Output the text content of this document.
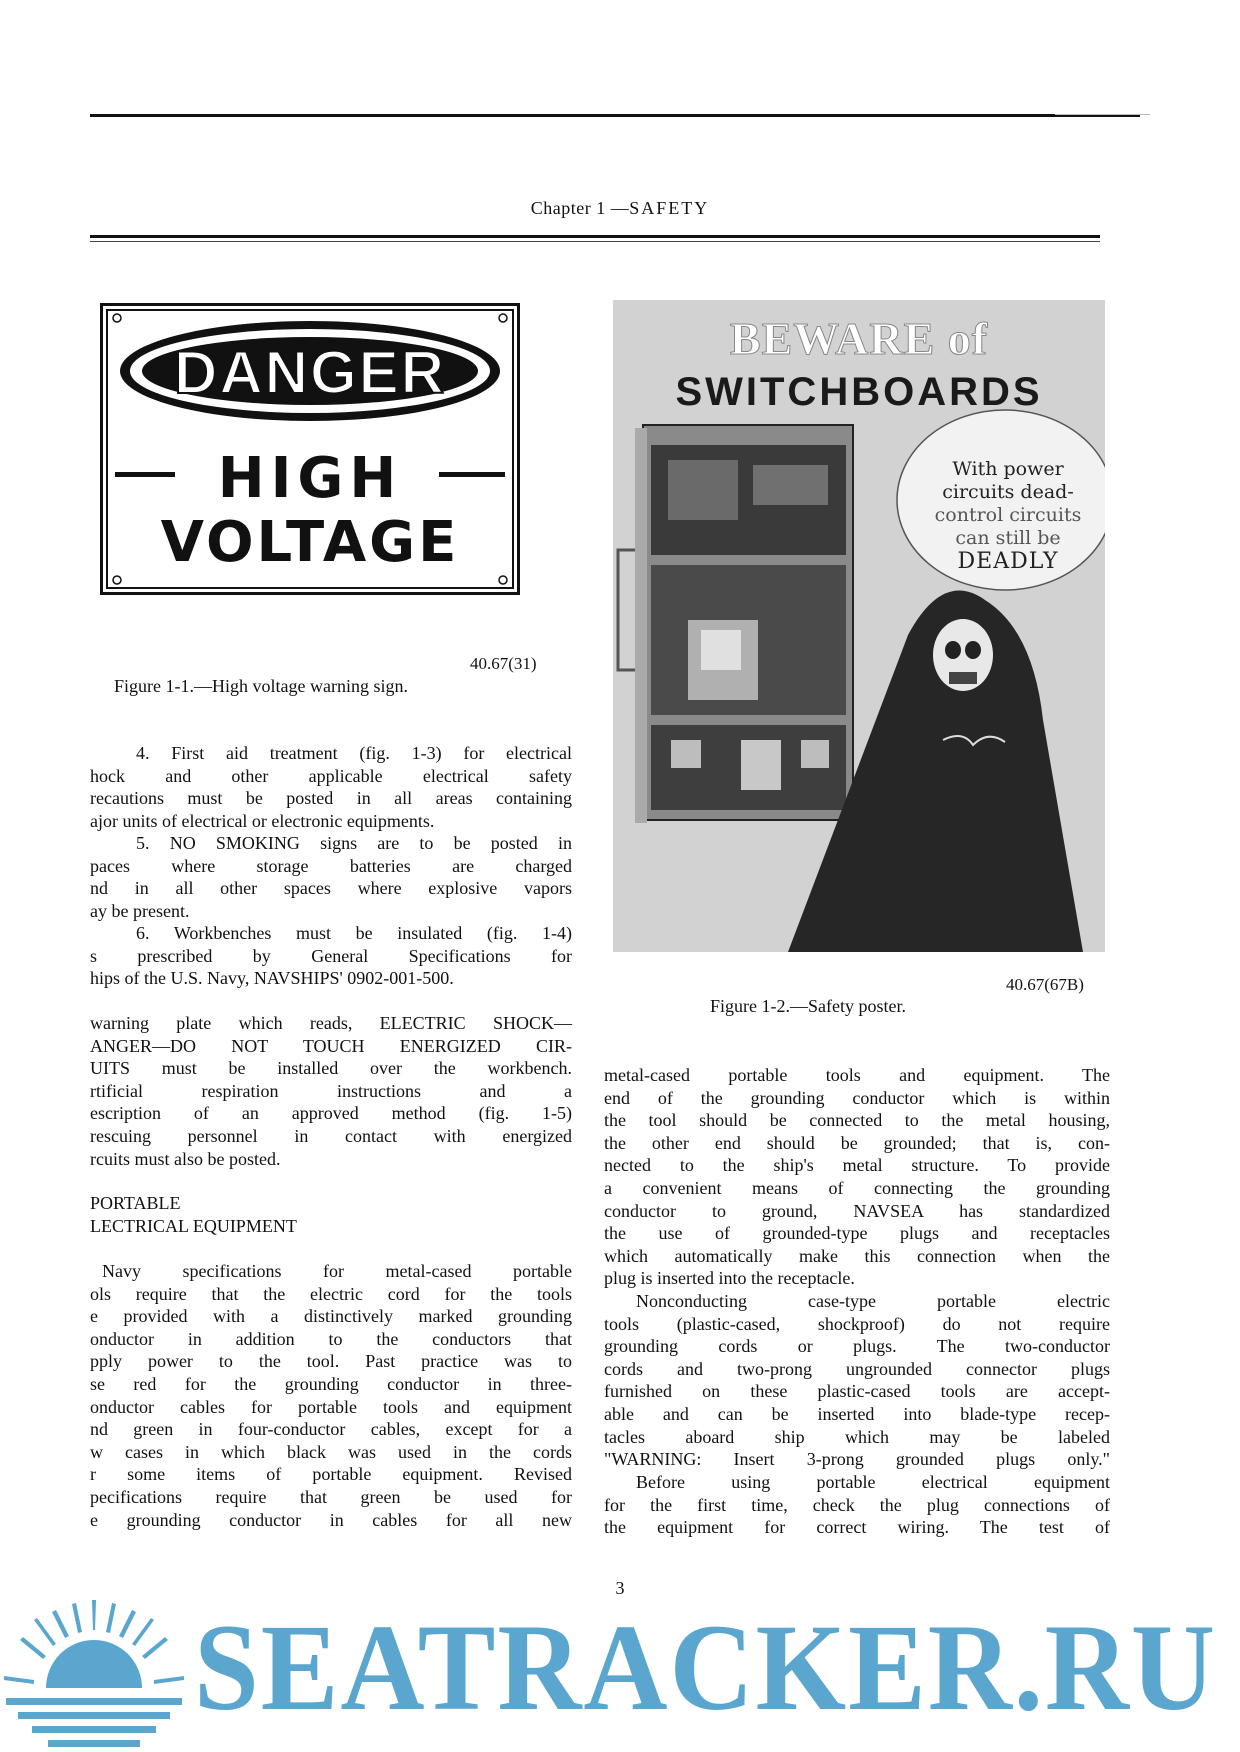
Chapter 1 —SAFETY
DANGER
HIGH
VOLTAGE
40.67(31)
Figure 1-1.—High voltage warning sign.
BEWARE of
SWITCHBOARDS
With power
circuits dead-
control circuits
can still be
DEADLY
40.67(67B)
Figure 1-2.—Safety poster.
4. First aid treatment (fig. 1-3) for electrical
hock and other applicable electrical safety
recautions must be posted in all areas containing
ajor units of electrical or electronic equipments.
5. NO SMOKING signs are to be posted in
paces where storage batteries are charged
nd in all other spaces where explosive vapors
ay be present.
6. Workbenches must be insulated (fig. 1-4)
s prescribed by General Specifications for
hips of the U.S. Navy, NAVSHIPS' 0902-001-500.
warning plate which reads, ELECTRIC SHOCK—
ANGER—DO NOT TOUCH ENERGIZED CIR-
UITS must be installed over the workbench.
rtificial respiration instructions and a
escription of an approved method (fig. 1-5)
rescuing personnel in contact with energized
rcuits must also be posted.
PORTABLE
LECTRICAL EQUIPMENT
Navy specifications for metal-cased portable
ols require that the electric cord for the tools
e provided with a distinctively marked grounding
onductor in addition to the conductors that
pply power to the tool. Past practice was to
se red for the grounding conductor in three-
onductor cables for portable tools and equipment
nd green in four-conductor cables, except for a
w cases in which black was used in the cords
r some items of portable equipment. Revised
pecifications require that green be used for
e grounding conductor in cables for all new
metal-cased portable tools and equipment. The
end of the grounding conductor which is within
the tool should be connected to the metal housing,
the other end should be grounded; that is, con-
nected to the ship's metal structure. To provide
a convenient means of connecting the grounding
conductor to ground, NAVSEA has standardized
the use of grounded-type plugs and receptacles
which automatically make this connection when the
plug is inserted into the receptacle.
Nonconducting case-type portable electric
tools (plastic-cased, shockproof) do not require
grounding cords or plugs. The two-conductor
cords and two-prong ungrounded connector plugs
furnished on these plastic-cased tools are accept-
able and can be inserted into blade-type recep-
tacles aboard ship which may be labeled
"WARNING: Insert 3-prong grounded plugs only."
Before using portable electrical equipment
for the first time, check the plug connections of
the equipment for correct wiring. The test of
3
SEATRACKER.RU
